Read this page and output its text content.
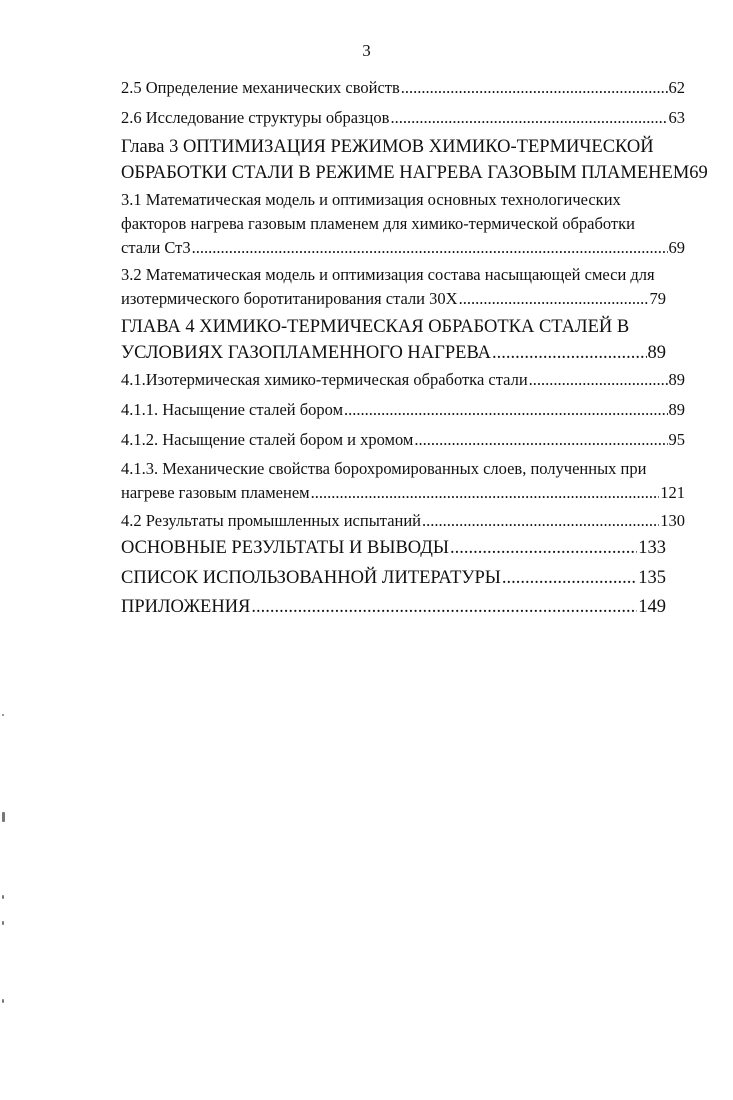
3
2.5 Определение механических свойств .....	62
2.6 Исследование структуры образцов .....	63
Глава 3 ОПТИМИЗАЦИЯ РЕЖИМОВ ХИМИКО-ТЕРМИЧЕСКОЙ
ОБРАБОТКИ СТАЛИ В РЕЖИМЕ НАГРЕВА ГАЗОВЫМ ПЛАМЕНЕМ 69
3.1 Математическая модель и оптимизация основных технологических
факторов нагрева газовым пламенем для химико-термической обработки
стали Ст3 .....	69
3.2 Математическая модель и оптимизация состава насыщающей смеси для
изотермического боротитанирования стали 30Х .....	79
ГЛАВА 4 ХИМИКО-ТЕРМИЧЕСКАЯ ОБРАБОТКА СТАЛЕЙ В
УСЛОВИЯХ ГАЗОПЛАМЕННОГО НАГРЕВА .....	89
4.1.Изотермическая химико-термическая обработка стали .....	89
4.1.1. Насыщение сталей бором .....	89
4.1.2. Насыщение сталей бором и хромом .....	95
4.1.3. Механические свойства борохромированных слоев, полученных при
нагреве газовым пламенем .....	121
4.2 Результаты промышленных испытаний .....	130
ОСНОВНЫЕ РЕЗУЛЬТАТЫ И ВЫВОДЫ .....	133
СПИСОК ИСПОЛЬЗОВАННОЙ ЛИТЕРАТУРЫ .....	135
ПРИЛОЖЕНИЯ .....	149
